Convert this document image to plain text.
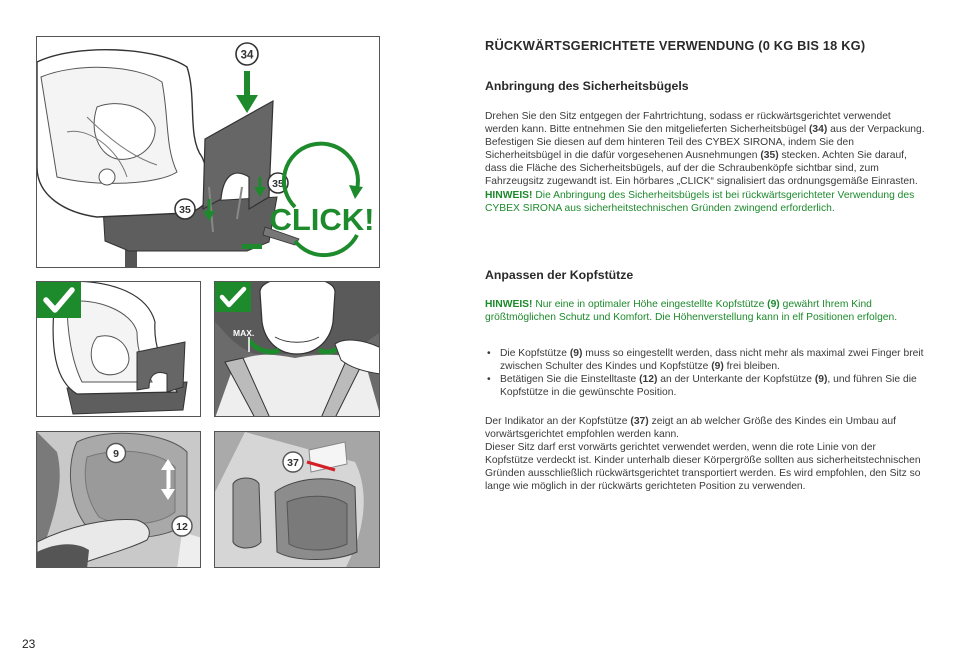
34
35
35
CLICK!
MAX.
9
12
37
RÜCKWÄRTSGERICHTETE VERWENDUNG (0 KG BIS 18 KG)
Anbringung des Sicherheitsbügels
Drehen Sie den Sitz entgegen der Fahrtrichtung, sodass er rückwärtsgerichtet verwendet werden kann. Bitte entnehmen Sie den mitgelieferten Sicherheitsbügel (34) aus der Verpackung. Befestigen Sie diesen auf dem hinteren Teil des CYBEX SIRONA, indem Sie den Sicherheitsbügel in die dafür vorgesehenen Ausnehmungen (35) stecken. Achten Sie darauf, dass die Fläche des Sicherheitsbügels, auf der die Schraubenköpfe sichtbar sind, zum Fahrzeugsitz zugewandt ist. Ein hörbares „CLICK“ signalisiert das ordnungsgemäße Einrasten.
HINWEIS! Die Anbringung des Sicherheitsbügels ist bei rückwärtsgerichteter Verwendung des CYBEX SIRONA aus sicherheitstechnischen Gründen zwingend erforderlich.
Anpassen der Kopfstütze
HINWEIS! Nur eine in optimaler Höhe eingestellte Kopfstütze (9) gewährt Ihrem Kind größtmöglichen Schutz und Komfort. Die Höhenverstellung kann in elf Positionen erfolgen.
• Die Kopfstütze (9) muss so eingestellt werden, dass nicht mehr als maximal zwei Finger breit zwischen Schulter des Kindes und Kopfstütze (9) frei bleiben.
• Betätigen Sie die Einstelltaste (12) an der Unterkante der Kopfstütze (9), und führen Sie die Kopfstütze in die gewünschte Position.
Der Indikator an der Kopfstütze (37) zeigt an ab welcher Größe des Kindes ein Umbau auf vorwärtsgerichtet empfohlen werden kann.
Dieser Sitz darf erst vorwärts gerichtet verwendet werden, wenn die rote Linie von der Kopfstütze verdeckt ist. Kinder unterhalb dieser Körpergröße sollten aus sicherheitstechnischen Gründen ausschließlich rückwärtsgerichtet transportiert werden. Es wird empfohlen, den Sitz so lange wie möglich in der rückwärts gerichteten Position zu verwenden.
23
